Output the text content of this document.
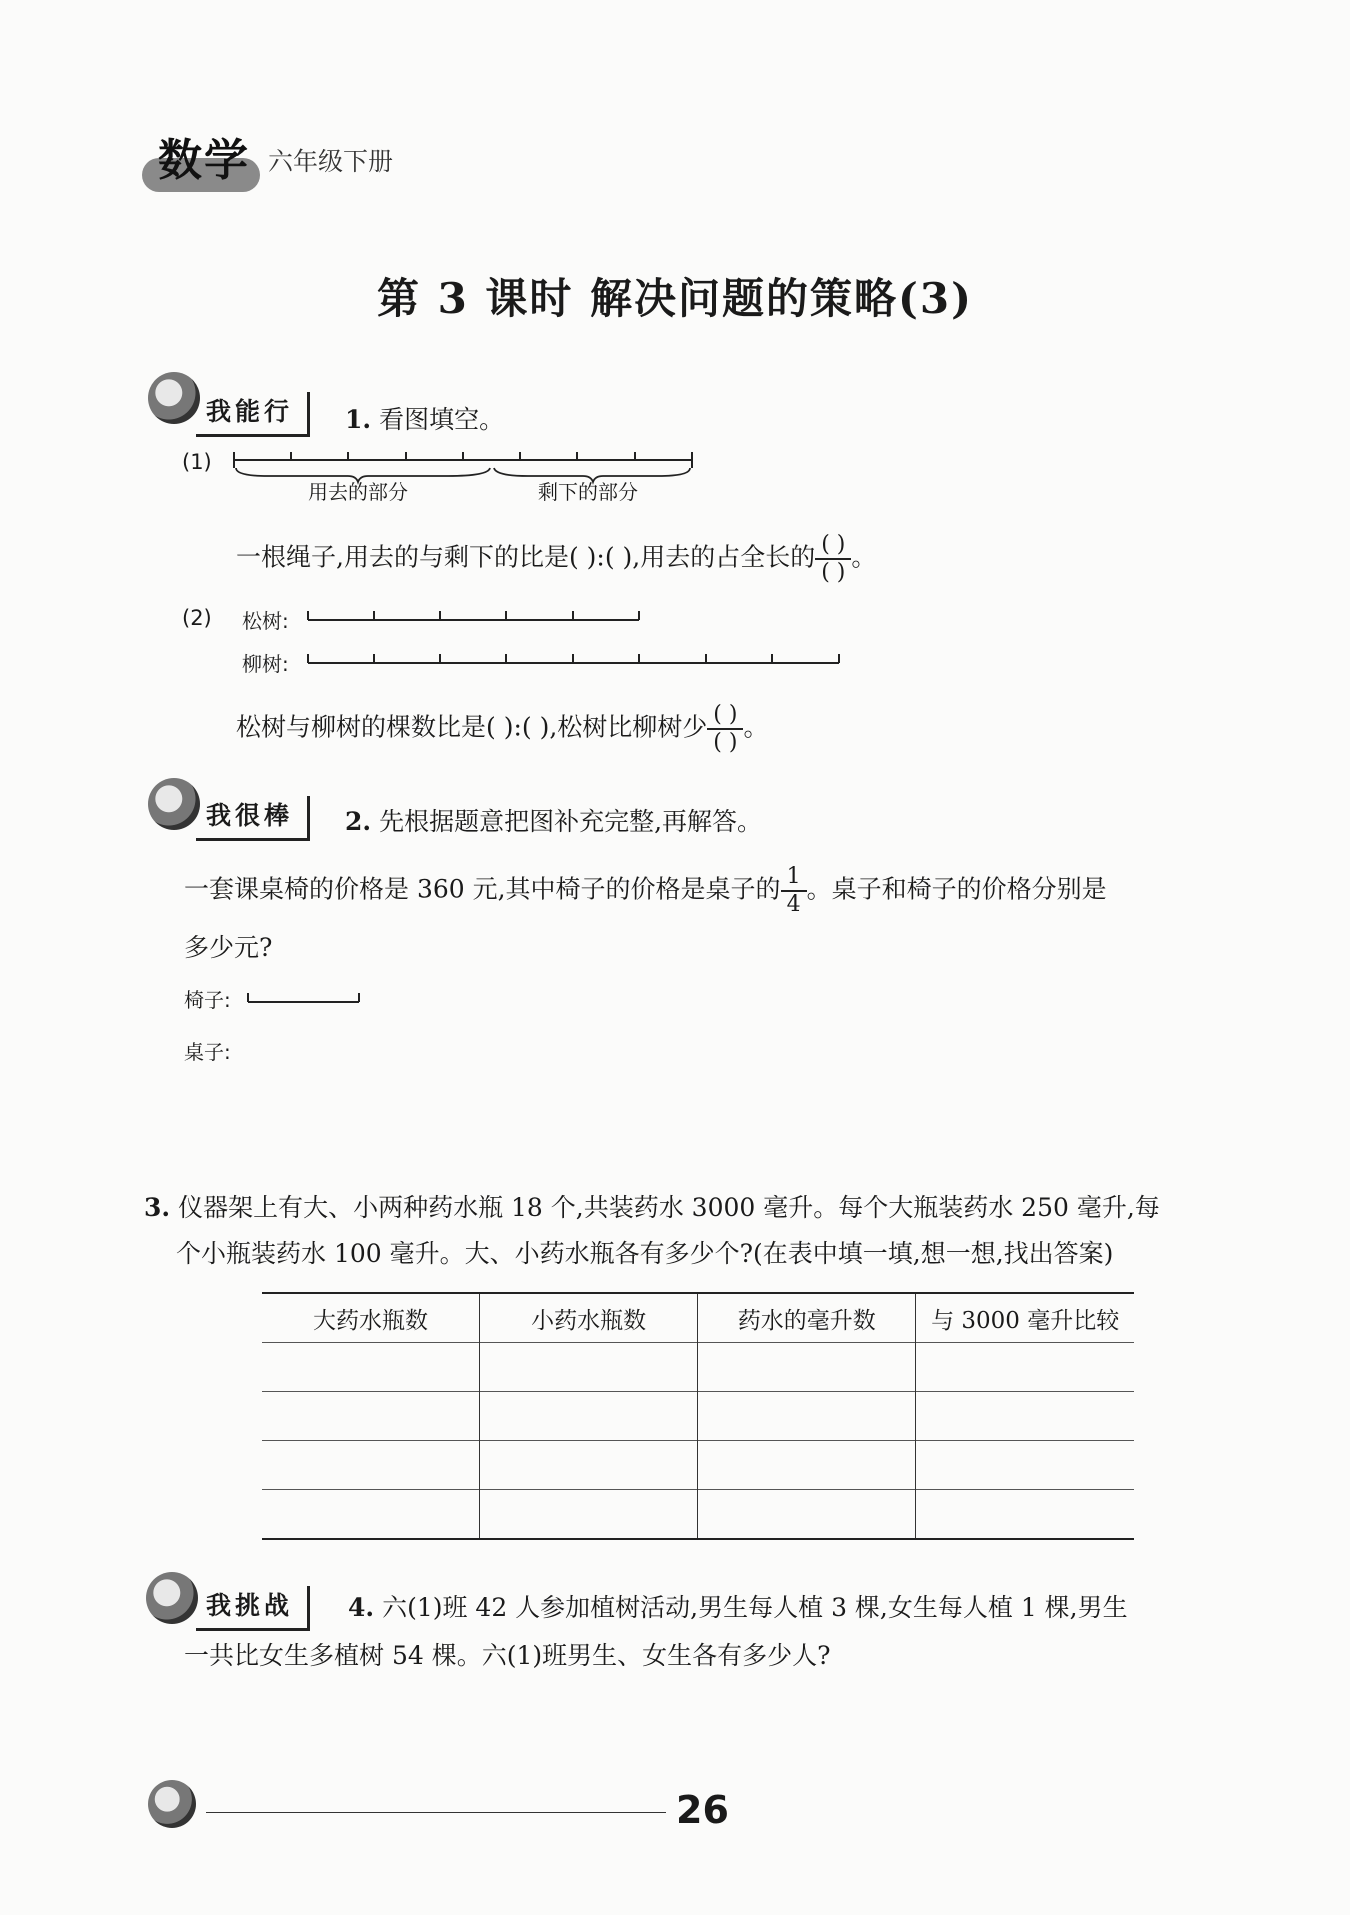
数学 六年级下册
第 3 课时 解决问题的策略(3)
我能行	1. 看图填空。
(1)
用去的部分	剩下的部分
一根绳子,用去的与剩下的比是( ):( ),用去的占全长的 $\frac{( )}{( )}$ 。
(2) 松树:
柳树:
松树与柳树的棵数比是( ):( ),松树比柳树少 $\frac{( )}{( )}$ 。
我很棒	2. 先根据题意把图补充完整,再解答。
一套课桌椅的价格是 360 元,其中椅子的价格是桌子的 $\frac{1}{4}$ 。桌子和椅子的价格分别是
多少元?
椅子:
桌子:
3. 仪器架上有大、小两种药水瓶 18 个,共装药水 3000 毫升。每个大瓶装药水 250 毫升,每
个小瓶装药水 100 毫升。大、小药水瓶各有多少个?(在表中填一填,想一想,找出答案)
大药水瓶数	小药水瓶数	药水的毫升数	与 3000 毫升比较

我挑战	4. 六(1)班 42 人参加植树活动,男生每人植 3 棵,女生每人植 1 棵,男生
一共比女生多植树 54 棵。六(1)班男生、女生各有多少人?
26
